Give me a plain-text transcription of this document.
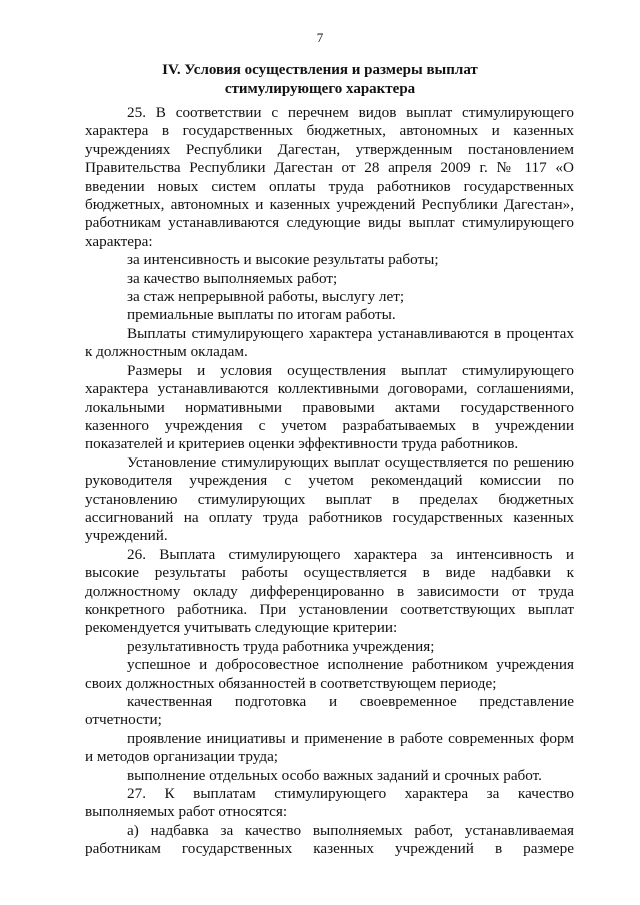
7
IV. Условия осуществления и размеры выплат
стимулирующего характера

25. В соответствии с перечнем видов выплат стимулирующего характера в государственных бюджетных, автономных и казенных учреждениях Республики Дагестан, утвержденным постановлением Правительства Республики Дагестан от 28 апреля 2009 г. № 117 «О введении новых систем оплаты труда работников государственных бюджетных, автономных и казенных учреждений Республики Дагестан», работникам устанавливаются следующие виды выплат стимулирующего характера:

за интенсивность и высокие результаты работы;

за качество выполняемых работ;

за стаж непрерывной работы, выслугу лет;

премиальные выплаты по итогам работы.

Выплаты стимулирующего характера устанавливаются в процентах к должностным окладам.

Размеры и условия осуществления выплат стимулирующего характера устанавливаются коллективными договорами, соглашениями, локальными нормативными правовыми актами государственного казенного учреждения с учетом разрабатываемых в учреждении показателей и критериев оценки эффективности труда работников.

Установление стимулирующих выплат осуществляется по решению руководителя учреждения с учетом рекомендаций комиссии по установлению стимулирующих выплат в пределах бюджетных ассигнований на оплату труда работников государственных казенных учреждений.

26. Выплата стимулирующего характера за интенсивность и высокие результаты работы осуществляется в виде надбавки к должностному окладу дифференцированно в зависимости от труда конкретного работника. При установлении соответствующих выплат рекомендуется учитывать следующие критерии:

результативность труда работника учреждения;

успешное и добросовестное исполнение работником учреждения своих должностных обязанностей в соответствующем периоде;

качественная подготовка и своевременное представление отчетности;

проявление инициативы и применение в работе современных форм и методов организации труда;

выполнение отдельных особо важных заданий и срочных работ.

27. К выплатам стимулирующего характера за качество выполняемых работ относятся:

а) надбавка за качество выполняемых работ, устанавливаемая работникам государственных казенных учреждений в размере
